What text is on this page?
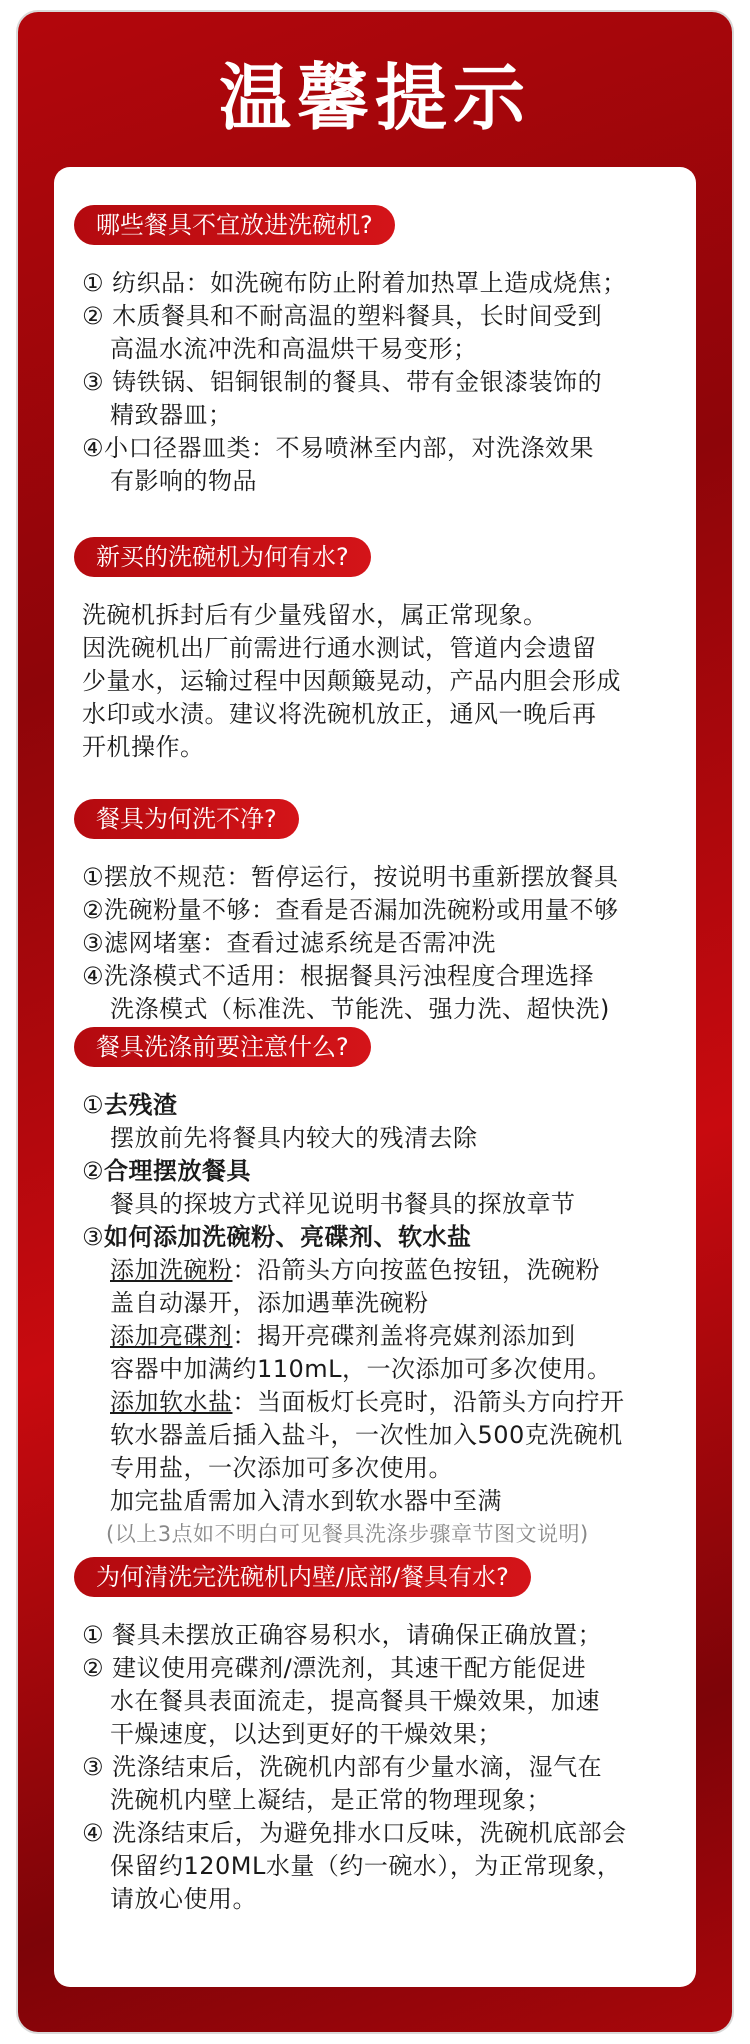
温馨提示
哪些餐具不宜放进洗碗机?
① 纺织品：如洗碗布防止附着加热罩上造成烧焦；
② 木质餐具和不耐高温的塑料餐具，长时间受到
高温水流冲洗和高温烘干易变形；
③ 铸铁锅、铝铜银制的餐具、带有金银漆装饰的
精致器皿；
④小口径器皿类：不易喷淋至内部，对洗涤效果
有影响的物品
新买的洗碗机为何有水?
洗碗机拆封后有少量残留水，属正常现象。
因洗碗机出厂前需进行通水测试，管道内会遗留
少量水，运输过程中因颠簸晃动，产品内胆会形成
水印或水渍。建议将洗碗机放正，通风一晚后再
开机操作。
餐具为何洗不净?
①摆放不规范：暂停运行，按说明书重新摆放餐具
②洗碗粉量不够：查看是否漏加洗碗粉或用量不够
③滤网堵塞：查看过滤系统是否需冲洗
④洗涤模式不适用：根据餐具污浊程度合理选择
洗涤模式（标准洗、节能洗、强力洗、超快洗)
餐具洗涤前要注意什么?
①去残渣
摆放前先将餐具内较大的残清去除
②合理摆放餐具
餐具的探坡方式祥见说明书餐具的探放章节
③如何添加洗碗粉、亮碟剂、软水盐
添加洗碗粉：沿箭头方向按蓝色按钮，洗碗粉
盖自动瀑开，添加遇華洗碗粉
添加亮碟剂：揭开亮碟剂盖将亮媒剂添加到
容器中加满约110mL，一次添加可多次使用。
添加软水盐：当面板灯长亮时，沿箭头方向拧开
软水器盖后插入盐斗，一次性加入500克洗碗机
专用盐，一次添加可多次使用。
加完盐盾需加入清水到软水器中至满
(以上3点如不明白可见餐具洗涤步骤章节图文说明)
为何清洗完洗碗机内壁/底部/餐具有水?
① 餐具未摆放正确容易积水，请确保正确放置；
② 建议使用亮碟剂/漂洗剂，其速干配方能促进
水在餐具表面流走，提高餐具干燥效果，加速
干燥速度，以达到更好的干燥效果；
③ 洗涤结束后，洗碗机内部有少量水滴，湿气在
洗碗机内壁上凝结，是正常的物理现象；
④ 洗涤结束后，为避免排水口反味，洗碗机底部会
保留约120ML水量（约一碗水），为正常现象，
请放心使用。
